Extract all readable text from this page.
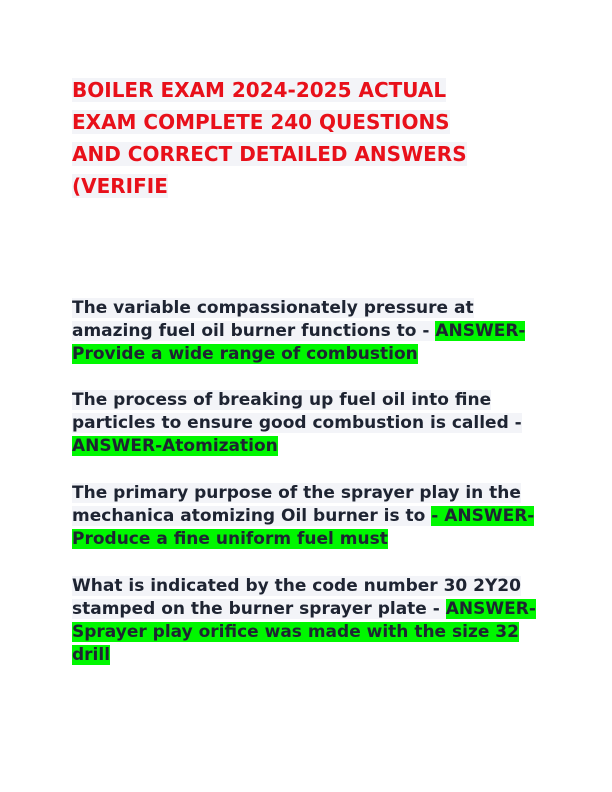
BOILER EXAM 2024-2025 ACTUAL
EXAM COMPLETE 240 QUESTIONS
AND CORRECT DETAILED ANSWERS
(VERIFIE

The variable compassionately pressure at amazing fuel oil burner functions to - ANSWER-Provide a wide range of combustion

The process of breaking up fuel oil into fine particles to ensure good combustion is called - ANSWER-Atomization

The primary purpose of the sprayer play in the mechanica atomizing Oil burner is to - ANSWER-Produce a fine uniform fuel must

What is indicated by the code number 30 2Y20 stamped on the burner sprayer plate - ANSWER-Sprayer play orifice was made with the size 32 drill
